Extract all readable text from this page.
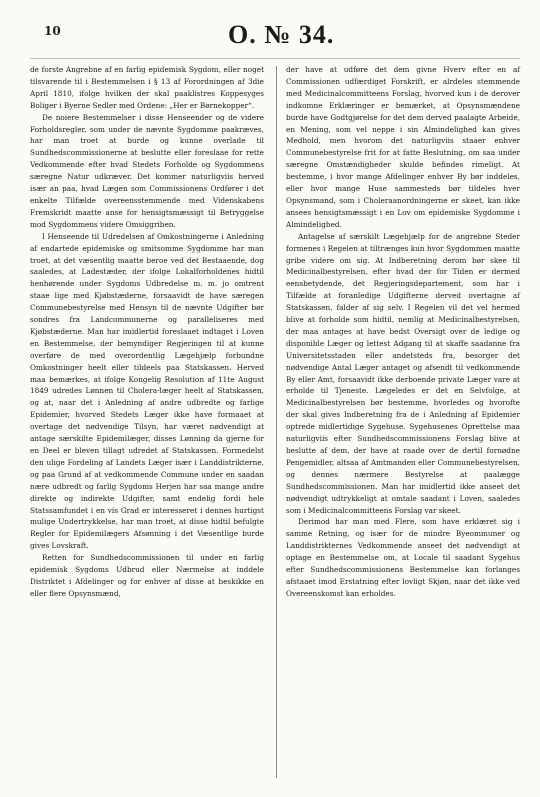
10	O. № 34.

de forste Angrebne af en farlig epidemisk Sygdom, eller noget tilsvarende til i Bestemmelsen i § 13 af Forordningen af 3die April 1810, ifolge hvilken der skal paaklistres Koppesyges Boliger i Byerne Sedler med Ordene: „Her er Børnekopper“.

De noiere Bestemmelser i disse Henseender og de videre Forholdsregler, som under de nævnte Sygdomme paakræves, har man troet at burde og kunne overlade til Sundhedscommissionerne at beslutte eller foreslaae for rette Vedkommende efter hvad Stedets Forholde og Sygdommens særegne Natur udkræver. Det kommer naturligviis herved især an paa, hvad Lægen som Commissionens Ordfører i det enkelte Tilfælde overeensstemmende med Videnskabens Fremskridt maatte anse for hensigtsmæssigt til Betryggelse mod Sygdommens videre Omsiggriben.

I Henseende til Udredelsen af Omkostningerne i Anledning af endartede epidemiske og smitsomme Sygdomme har man troet, at det væsentlig maatte beroe ved det Bestaaende, dog saaledes, at Ladestæder, der ifolge Lokalforholdenes hidtil henhørende under Sygdoms Udbredelse m. m. jo omtrent staae lige med Kjøbstæderne, forsaavidt de have særegen Communebestyrelse med Hensyn til de nævnte Udgifter bør sondres fra Landcommunerne og paralleliseres med Kjøbstæderne. Man har imidlertid foreslaaet indtaget i Loven en Bestemmelse, der bemyndiger Regjeringen til at kunne overføre de med overordentlig Lægehjælp forbundne Omkostninger heelt eller tildeels paa Statskassen. Herved maa bemærkes, at ifolge Kongelig Resolution af 11te August 1849 udredes Lønnen til Cholera-læger heelt af Statskassen, og at, naar det i Anledning af andre udbredte og farlige Epidemier, hvorved Stedets Læger ikke have formaaet at overtage det nødvendige Tilsyn, har været nødvendigt at antage særskilte Epidemilæger, disses Lønning da gjerne for en Deel er bleven tillagt udredet af Statskassen. Formedelst den ulige Fordeling af Landets Læger især i Landdistrikterne, og paa Grund af at vedkommende Commune under en saadan nære udbredt og farlig Sygdoms Herjen har saa mange andre direkte og indirekte Udgifter, samt endelig fordi hele Statssamfundet i en vis Grad er interesseret i dennes hurtigst mulige Undertrykkelse, har man troet, at disse hidtil befulgte Regler for Epidemilægers Afsønning i det Væsentlige burde gives Lovskraft.

Retten for Sundhedscommissionen til under en farlig epidemisk Sygdoms Udbrud eller Nærmelse at inddele Distriktet i Afdelinger og for enhver af disse at beskikke en eller flere Opsynsmænd,

der have at udføre det dem givne Hverv efter en af Commissionen udfærdiget Forskrift, er alrdeles stemmende med Medicinalcommitteens Forslag, hvorved kun i de derover indkomne Erklæringer er bemærket, at Opsynsmændene burde have Godtgjørelse for det dem derved paalagte Arbeide, en Mening, som vel neppe i sin Almindelighed kan gives Medhold, men hvorom det naturligviis staaer enhver Communebestyrelse frit for at fatte Beslutning, om saa under særegne Omstændigheder skulde befindes rimeligt. At bestemme, i hvor mange Afdelinger enhver By bør inddeles, eller hvor mange Huse sammesteds bør tildeles hver Opsynsmand, som i Choleraanordningerne er skeet, kan ikke ansees hensigtsmæssigt i en Lov om epidemiske Sygdomme i Almindelighed.

Antagelse af særskilt Lægehjælp for de angrebne Steder formenes i Regelen at tiltrænges kun hvor Sygdommen maatte gribe videre om sig. At Indberetning derom bør skee til Medicinalbestyrelsen, efter hvad der for Tiden er dermed eensbetydende, det Regjeringsdepartement, som har i Tilfælde at foranledige Udgifterne derved overtagne af Statskassen, falder af sig selv. I Regelen vil det vel hermed blive at forholde som hidtil, nemlig at Medicinalbestyrelsen, der maa antages at have bedst Oversigt over de ledige og disponible Læger og lettest Adgang til at skaffe saadanne fra Universitetsstaden eller andetsteds fra, besorger det nødvendige Antal Læger antaget og afsendt til vedkommende By eller Amt, forsaavidt ikke derboende private Læger vare at erholde til Tjeneste. Lægeledes er det en Selvfolge, at Medicinalbestyrelsen bør bestemme, hvorledes og hvorofte der skal gives Indberetning fra de i Anledning af Epidemier optrede midlertidige Sygehuse. Sygehusenes Oprettelse maa naturligviis efter Sundhedscommissionens Forslag blive at beslutte af dem, der have at raade over de dertil fornødne Pengemidler, altsaa af Amtmanden eller Communebestyrelsen, og dennes nærmere Bestyrelse at paalægge Sundhedscommissionen. Man har imidlertid ikke anseet det nødvendigt udtrykkeligt at omtale saadant i Loven, saaledes som i Medicinalcommitteens Forslag var skeet.

Derimod har man med Flere, som have erklæret sig i samme Retning, og især for de mindre Byeommuner og Landdistrikternes Vedkommende anseet det nødvendigt at optage en Bestemmelse om, at Locale til saadant Sygehus efter Sundhedscommissionens Bestemmelse kan forlanges afstaaet imod Erstatning efter lovligt Skjøn, naar det ikke ved Overeenskomst kan erholdes.
